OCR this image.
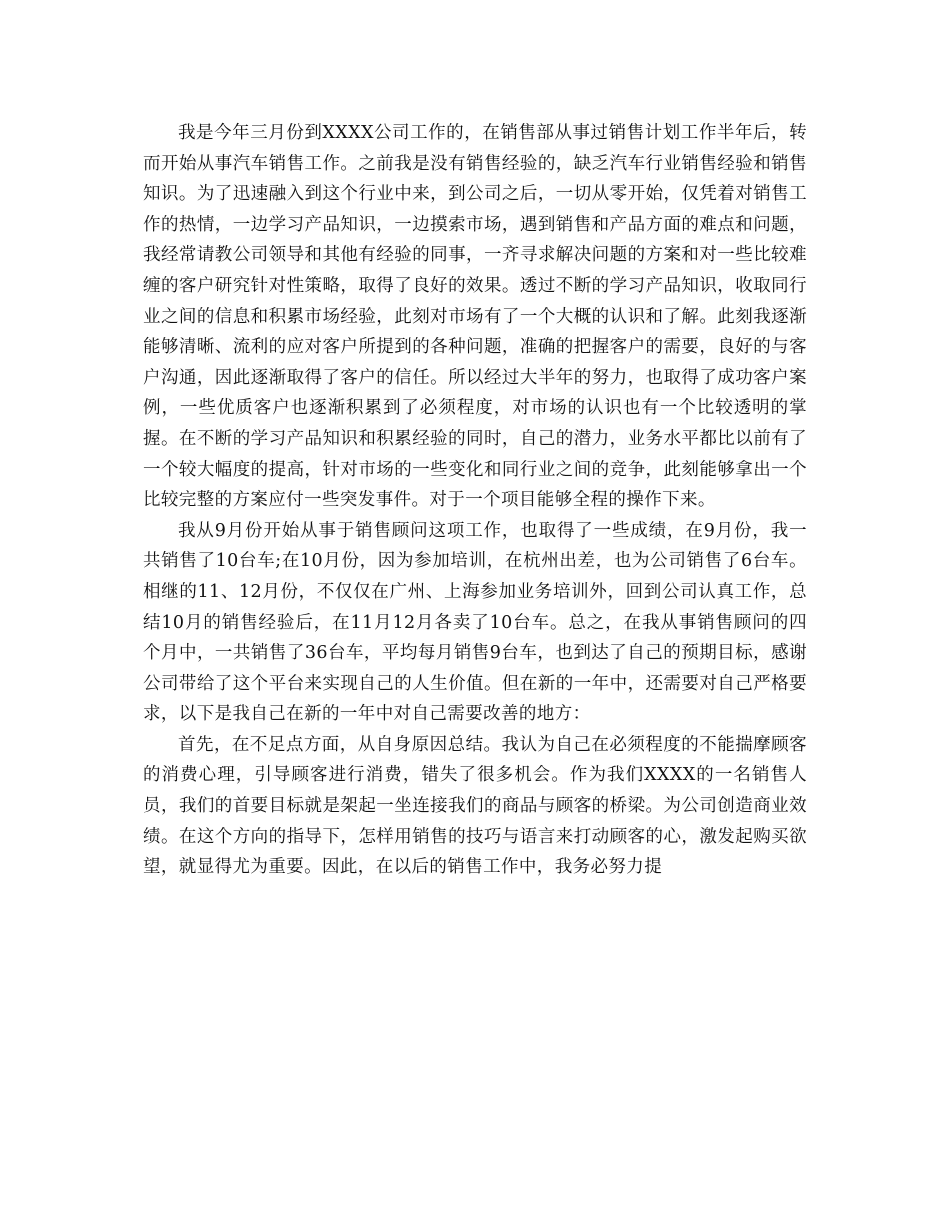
我是今年三月份到XXXX公司工作的，在销售部从事过销售计划工作半年后，转而开始从事汽车销售工作。之前我是没有销售经验的，缺乏汽车行业销售经验和销售知识。为了迅速融入到这个行业中来，到公司之后，一切从零开始，仅凭着对销售工作的热情，一边学习产品知识，一边摸索市场，遇到销售和产品方面的难点和问题，我经常请教公司领导和其他有经验的同事，一齐寻求解决问题的方案和对一些比较难缠的客户研究针对性策略，取得了良好的效果。透过不断的学习产品知识，收取同行业之间的信息和积累市场经验，此刻对市场有了一个大概的认识和了解。此刻我逐渐能够清晰、流利的应对客户所提到的各种问题，准确的把握客户的需要，良好的与客户沟通，因此逐渐取得了客户的信任。所以经过大半年的努力，也取得了成功客户案例，一些优质客户也逐渐积累到了必须程度，对市场的认识也有一个比较透明的掌握。在不断的学习产品知识和积累经验的同时，自己的潜力，业务水平都比以前有了一个较大幅度的提高，针对市场的一些变化和同行业之间的竞争，此刻能够拿出一个比较完整的方案应付一些突发事件。对于一个项目能够全程的操作下来。

我从9月份开始从事于销售顾问这项工作，也取得了一些成绩，在9月份，我一共销售了10台车;在10月份，因为参加培训，在杭州出差，也为公司销售了6台车。相继的11、12月份，不仅仅在广州、上海参加业务培训外，回到公司认真工作，总结10月的销售经验后，在11月12月各卖了10台车。总之，在我从事销售顾问的四个月中，一共销售了36台车，平均每月销售9台车，也到达了自己的预期目标，感谢公司带给了这个平台来实现自己的人生价值。但在新的一年中，还需要对自己严格要求，以下是我自己在新的一年中对自己需要改善的地方：

首先，在不足点方面，从自身原因总结。我认为自己在必须程度的不能揣摩顾客的消费心理，引导顾客进行消费，错失了很多机会。作为我们XXXX的一名销售人员，我们的首要目标就是架起一坐连接我们的商品与顾客的桥梁。为公司创造商业效绩。在这个方向的指导下，怎样用销售的技巧与语言来打动顾客的心，激发起购买欲望，就显得尤为重要。因此，在以后的销售工作中，我务必努力提
